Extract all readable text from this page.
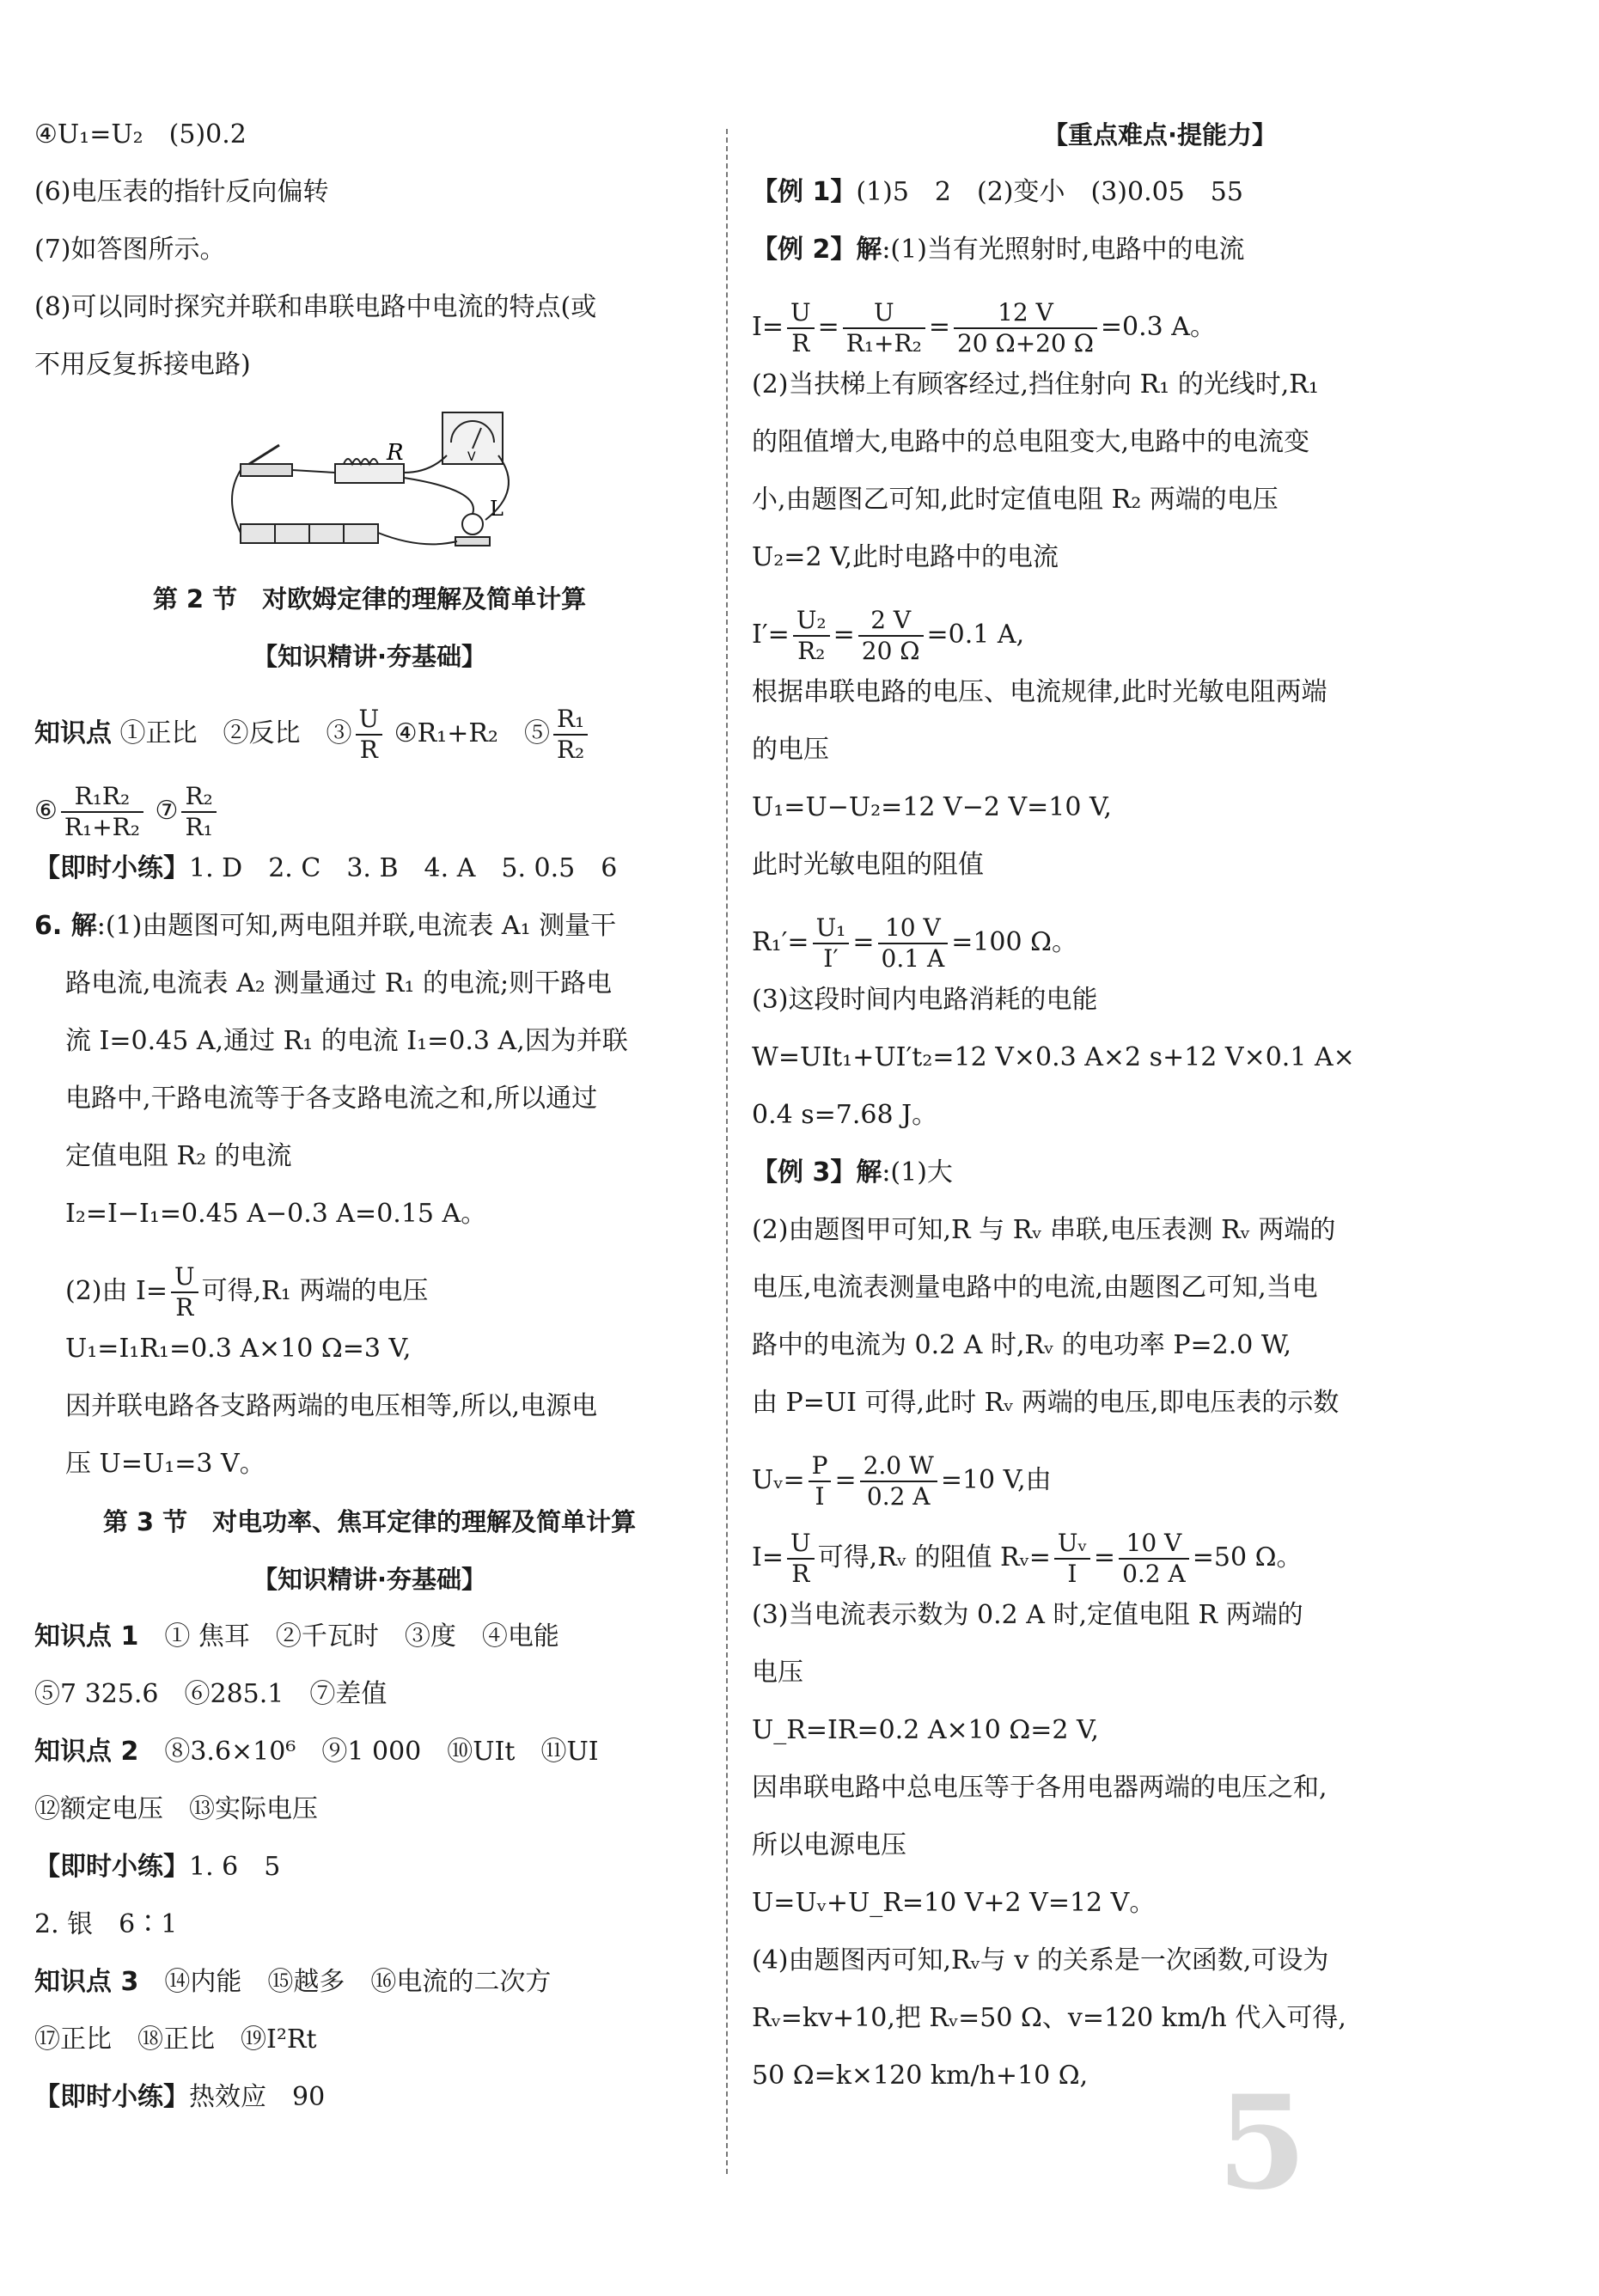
④U₁=U₂　(5)0.2
(6)电压表的指针反向偏转
(7)如答图所示。
(8)可以同时探究并联和串联电路中电流的特点(或
不用反复拆接电路)
R	V
L
第 2 节　对欧姆定律的理解及简单计算
【知识精讲·夯基础】
知识点 ①正比　②反比　③ $\frac{U}{R}$ ④R₁+R₂　⑤ $\frac{\text{R₁}}{\text{R₂}}$
⑥ $\frac{\text{R₁R₂}}{\text{R₁+R₂}}$ ⑦ $\frac{\text{R₂}}{\text{R₁}}$
【即时小练】1. D　2. C　3. B　4. A　5. 0.5　6
6. 解:(1)由题图可知,两电阻并联,电流表 A₁ 测量干
路电流,电流表 A₂ 测量通过 R₁ 的电流;则干路电
流 I=0.45 A,通过 R₁ 的电流 I₁=0.3 A,因为并联
电路中,干路电流等于各支路电流之和,所以通过
定值电阻 R₂ 的电流
I₂=I−I₁=0.45 A−0.3 A=0.15 A。
(2)由 $I= \frac{U}{R}$ 可得,R₁ 两端的电压
U₁=I₁R₁=0.3 A×10 Ω=3 V,
因并联电路各支路两端的电压相等,所以,电源电
压 U=U₁=3 V。
第 3 节　对电功率、焦耳定律的理解及简单计算
【知识精讲·夯基础】
知识点 1　 ① 焦耳　②千瓦时　③度　④电能
⑤7 325.6　⑥285.1　⑦差值
知识点 2　 ⑧3.6×10⁶　⑨1 000　⑩UIt　⑪UI
⑫额定电压　⑬实际电压
【即时小练】1. 6　5
2. 银　6∶1
知识点 3　 ⑭内能　⑮越多　⑯电流的二次方
⑰正比　⑱正比　⑲I²Rt
【即时小练】热效应　90
【重点难点·提能力】
【例 1】(1)5　2　(2)变小　(3)0.05　55
【例 2】解:(1)当有光照射时,电路中的电流
$I= \frac{U}{R} = \frac{U}{\text{R₁+R₂}} = \frac{12 V}{20 \Omega+20 \Omega} =0.3$ A。
(2)当扶梯上有顾客经过,挡住射向 R₁ 的光线时,R₁
的阻值增大,电路中的总电阻变大,电路中的电流变
小,由题图乙可知,此时定值电阻 R₂ 两端的电压
U₂=2 V,此时电路中的电流
$I'= \frac{\text{U₂}}{\text{R₂}} = \frac{2 V}{20 \Omega} =0.1$ A,
根据串联电路的电压、电流规律,此时光敏电阻两端
的电压
U₁=U−U₂=12 V−2 V=10 V,
此时光敏电阻的阻值
$R_1'= \frac{\text{U₁}}{I'} = \frac{10 V}{0.1 A} =100$ Ω。
(3)这段时间内电路消耗的电能
W=UIt₁+UI′t₂=12 V×0.3 A×2 s+12 V×0.1 A×
0.4 s=7.68 J。
【例 3】解:(1)大
(2)由题图甲可知,R 与 Rᵥ 串联,电压表测 Rᵥ 两端的
电压,电流表测量电路中的电流,由题图乙可知,当电
路中的电流为 0.2 A 时,Rᵥ 的电功率 P=2.0 W,
由 P=UI 可得,此时 Rᵥ 两端的电压,即电压表的示数
Uᵥ= $\frac{P}{I} = \frac{2.0 W}{0.2 A} =10$ V,由
$I= \frac{U}{R}$ 可得,Rᵥ 的阻值 Rᵥ= $\frac{\text{Uᵥ}}{I} = \frac{10 V}{0.2 A} =50$ Ω。
(3)当电流表示数为 0.2 A 时,定值电阻 R 两端的
电压
U_R=IR=0.2 A×10 Ω=2 V,
因串联电路中总电压等于各用电器两端的电压之和,
所以电源电压
U=Uᵥ+U_R=10 V+2 V=12 V。
(4)由题图丙可知,Rᵥ与 v 的关系是一次函数,可设为
Rᵥ=kv+10,把 Rᵥ=50 Ω、v=120 km/h 代入可得,
50 Ω=k×120 km/h+10 Ω,	5
